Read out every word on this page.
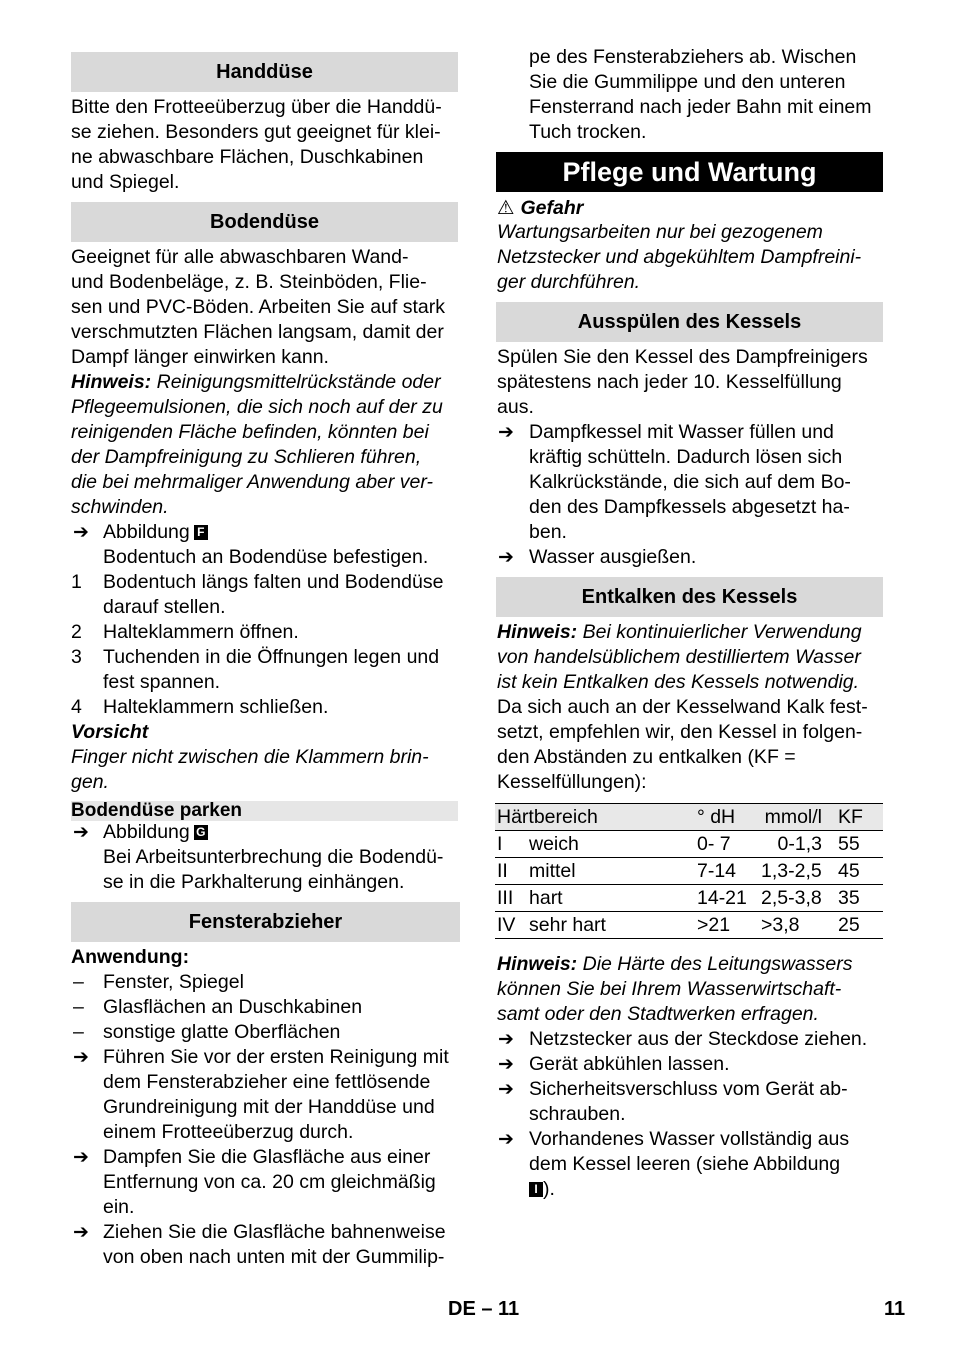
Handdüse
Bitte den Frotteeüberzug über die Handdü-
se ziehen. Besonders gut geeignet für klei-
ne abwaschbare Flächen, Duschkabinen
und Spiegel.
Bodendüse
Geeignet für alle abwaschbaren Wand-
und Bodenbeläge, z. B. Steinböden, Flie-
sen und PVC-Böden. Arbeiten Sie auf stark
verschmutzten Flächen langsam, damit der
Dampf länger einwirken kann.
Hinweis: Reinigungsmittelrückstände oder
Pflegeemulsionen, die sich noch auf der zu
reinigenden Fläche befinden, könnten bei
der Dampfreinigung zu Schlieren führen,
die bei mehrmaliger Anwendung aber ver-
schwinden.
➔ Abbildung F
Bodentuch an Bodendüse befestigen.
1 Bodentuch längs falten und Bodendüse
darauf stellen.
2 Halteklammern öffnen.
3 Tuchenden in die Öffnungen legen und
fest spannen.
4 Halteklammern schließen.
Vorsicht
Finger nicht zwischen die Klammern brin-
gen.
Bodendüse parken
➔ Abbildung G
Bei Arbeitsunterbrechung die Bodendü-
se in die Parkhalterung einhängen.
Fensterabzieher
Anwendung:
– Fenster, Spiegel
– Glasflächen an Duschkabinen
– sonstige glatte Oberflächen
➔ Führen Sie vor der ersten Reinigung mit
dem Fensterabzieher eine fettlösende
Grundreinigung mit der Handdüse und
einem Frotteeüberzug durch.
➔ Dampfen Sie die Glasfläche aus einer
Entfernung von ca. 20 cm gleichmäßig
ein.
➔ Ziehen Sie die Glasfläche bahnenweise
von oben nach unten mit der Gummilip-
pe des Fensterabziehers ab. Wischen
Sie die Gummilippe und den unteren
Fensterrand nach jeder Bahn mit einem
Tuch trocken.
Pflege und Wartung
⚠ Gefahr
Wartungsarbeiten nur bei gezogenem
Netzstecker und abgekühltem Dampfreini-
ger durchführen.
Ausspülen des Kessels
Spülen Sie den Kessel des Dampfreinigers
spätestens nach jeder 10. Kesselfüllung
aus.
➔ Dampfkessel mit Wasser füllen und
kräftig schütteln. Dadurch lösen sich
Kalkrückstände, die sich auf dem Bo-
den des Dampfkessels abgesetzt ha-
ben.
➔ Wasser ausgießen.
Entkalken des Kessels
Hinweis: Bei kontinuierlicher Verwendung
von handelsüblichem destilliertem Wasser
ist kein Entkalken des Kessels notwendig.
Da sich auch an der Kesselwand Kalk fest-
setzt, empfehlen wir, den Kessel in folgen-
den Abständen zu entkalken (KF =
Kesselfüllungen):
Härtbereich		° dH	mmol/l	KF
I	weich	0- 7	0-1,3	55
II	mittel	7-14	1,3-2,5	45
III	hart	14-21	2,5-3,8	35
IV	sehr hart	>21	>3,8	25
Hinweis: Die Härte des Leitungswassers
können Sie bei Ihrem Wasserwirtschaft-
samt oder den Stadtwerken erfragen.
➔ Netzstecker aus der Steckdose ziehen.
➔ Gerät abkühlen lassen.
➔ Sicherheitsverschluss vom Gerät ab-
schrauben.
➔ Vorhandenes Wasser vollständig aus
dem Kessel leeren (siehe Abbildung
I ).
DE – 11	11
